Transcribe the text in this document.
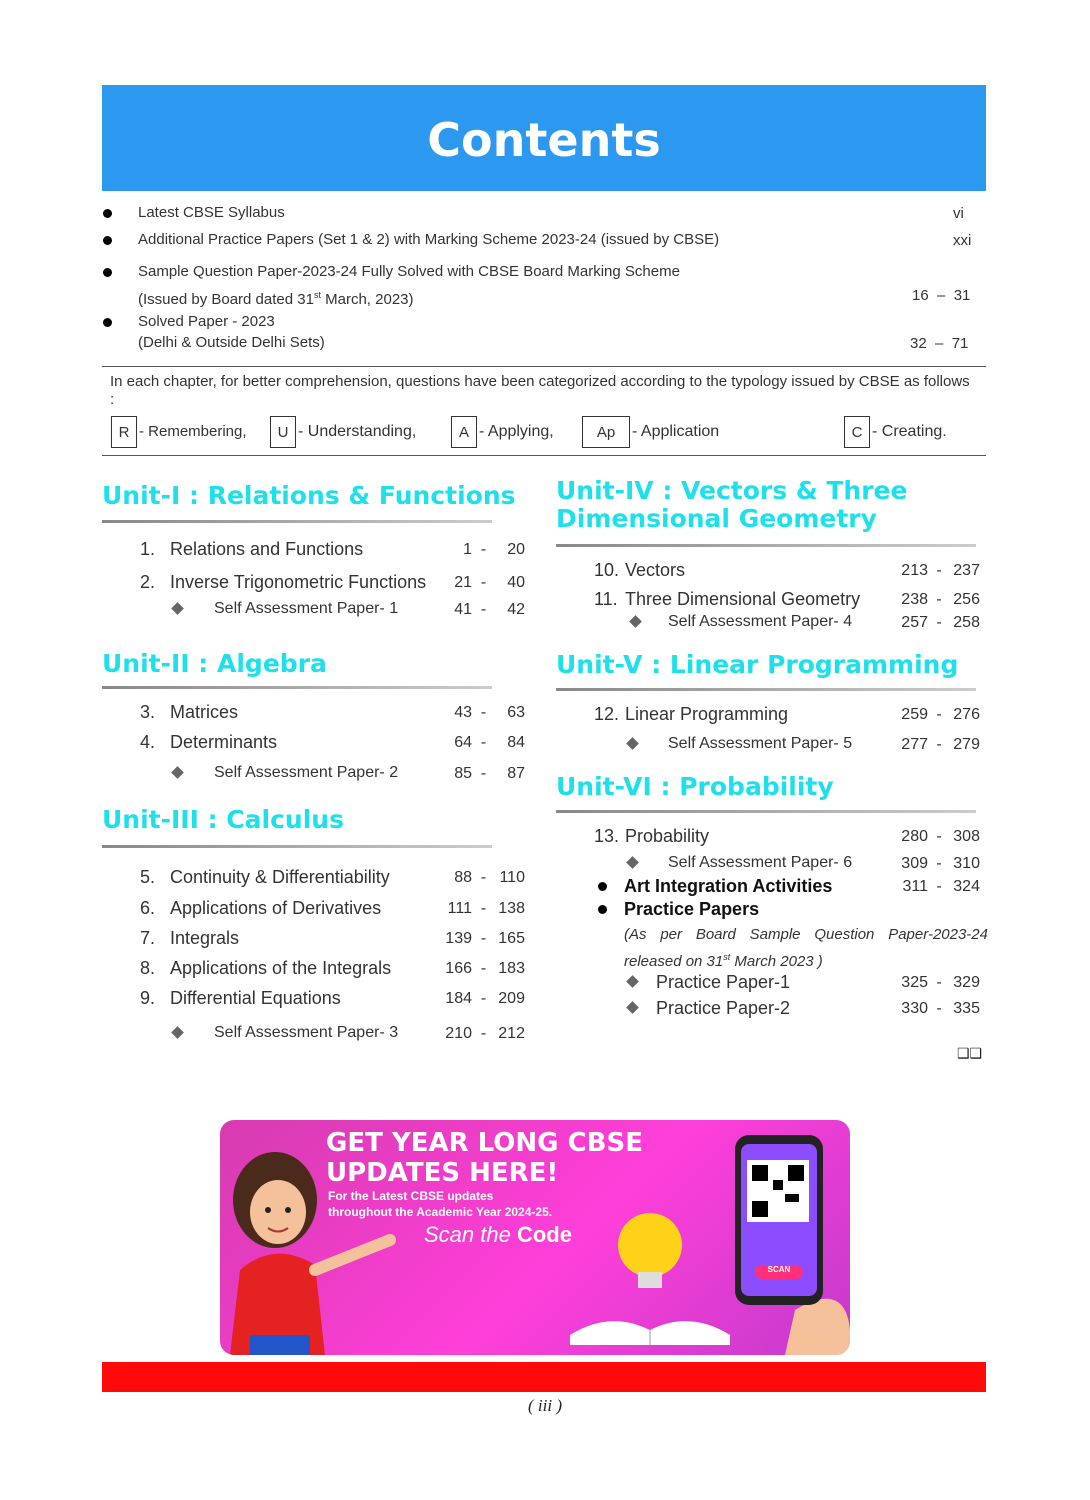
Contents
Latest CBSE Syllabus	vi
Additional Practice Papers (Set 1 & 2) with Marking Scheme 2023-24 (issued by CBSE)	xxi
Sample Question Paper-2023-24 Fully Solved with CBSE Board Marking Scheme
(Issued by Board dated 31st March, 2023)	16  –  31
Solved Paper - 2023
(Delhi & Outside Delhi Sets)	32  –  71
In each chapter, for better comprehension, questions have been categorized according to the typology issued by CBSE as follows :
R - Remembering,	U - Understanding,	A - Applying,	Ap	- Application	C - Creating.
Unit-I : Relations & Functions
1. Relations and Functions	1 -	20
2. Inverse Trigonometric Functions	21 -	40
Self Assessment Paper- 1	41 -	42
Unit-II : Algebra
3. Matrices	43 -	63
4. Determinants	64 -	84
Self Assessment Paper- 2	85 -	87
Unit-III : Calculus
5. Continuity & Differentiability	88 - 110
6. Applications of Derivatives	111 - 138
7. Integrals	139 - 165
8. Applications of the Integrals	166 - 183
9. Differential Equations	184 - 209
Self Assessment Paper- 3	210 - 212
Unit-IV : Vectors & Three
Dimensional Geometry
10. Vectors	213 - 237
11. Three Dimensional Geometry	238 - 256
Self Assessment Paper- 4	257 - 258
Unit-V : Linear Programming
12. Linear Programming	259 - 276
Self Assessment Paper- 5	277 - 279
Unit-VI : Probability
13. Probability	280 - 308
Self Assessment Paper- 6	309 - 310
Art Integration Activities	311 - 324
Practice Papers
(As per Board Sample Question Paper-2023-24
released on 31st March 2023 )
Practice Paper-1	325 - 329
Practice Paper-2	330 - 335
❑❑
GET YEAR LONG CBSE
UPDATES HERE!
For the Latest CBSE updates throughout the Academic Year 2024-25.
Scan the Code
SCAN
( iii )
